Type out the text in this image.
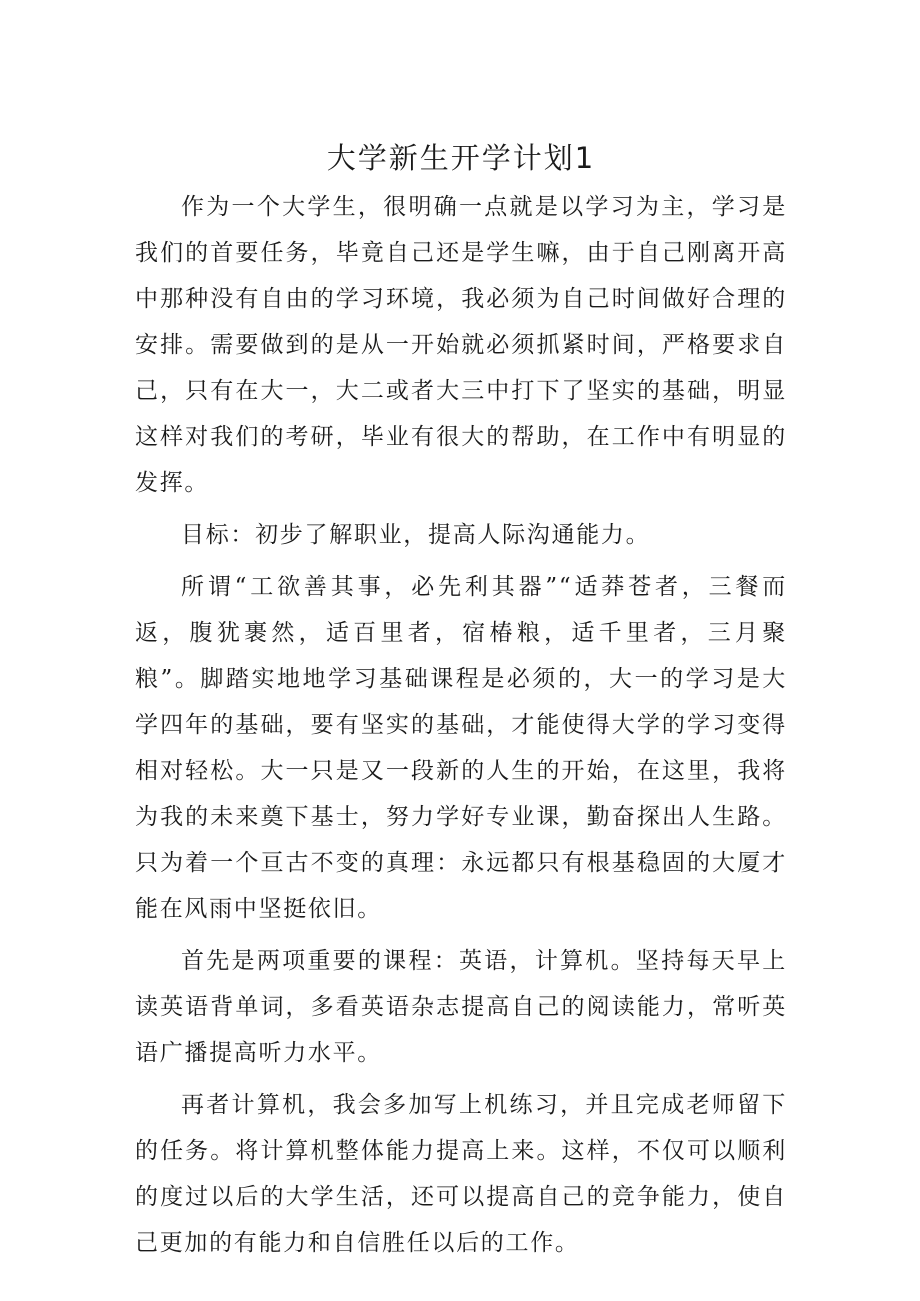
大学新生开学计划1

作为一个大学生，很明确一点就是以学习为主，学习是我们的首要任务，毕竟自己还是学生嘛，由于自己刚离开高中那种没有自由的学习环境，我必须为自己时间做好合理的安排。需要做到的是从一开始就必须抓紧时间，严格要求自己，只有在大一，大二或者大三中打下了坚实的基础，明显这样对我们的考研，毕业有很大的帮助，在工作中有明显的发挥。

目标：初步了解职业，提高人际沟通能力。

所谓“工欲善其事，必先利其器”“适莽苍者，三餐而返，腹犹裹然，适百里者，宿椿粮，适千里者，三月聚粮”。脚踏实地地学习基础课程是必须的，大一的学习是大学四年的基础，要有坚实的基础，才能使得大学的学习变得相对轻松。大一只是又一段新的人生的开始，在这里，我将为我的未来奠下基士，努力学好专业课，勤奋探出人生路。只为着一个亘古不变的真理：永远都只有根基稳固的大厦才能在风雨中坚挺依旧。

首先是两项重要的课程：英语，计算机。坚持每天早上读英语背单词，多看英语杂志提高自己的阅读能力，常听英语广播提高听力水平。

再者计算机，我会多加写上机练习，并且完成老师留下的任务。将计算机整体能力提高上来。这样，不仅可以顺利的度过以后的大学生活，还可以提高自己的竞争能力，使自己更加的有能力和自信胜任以后的工作。
